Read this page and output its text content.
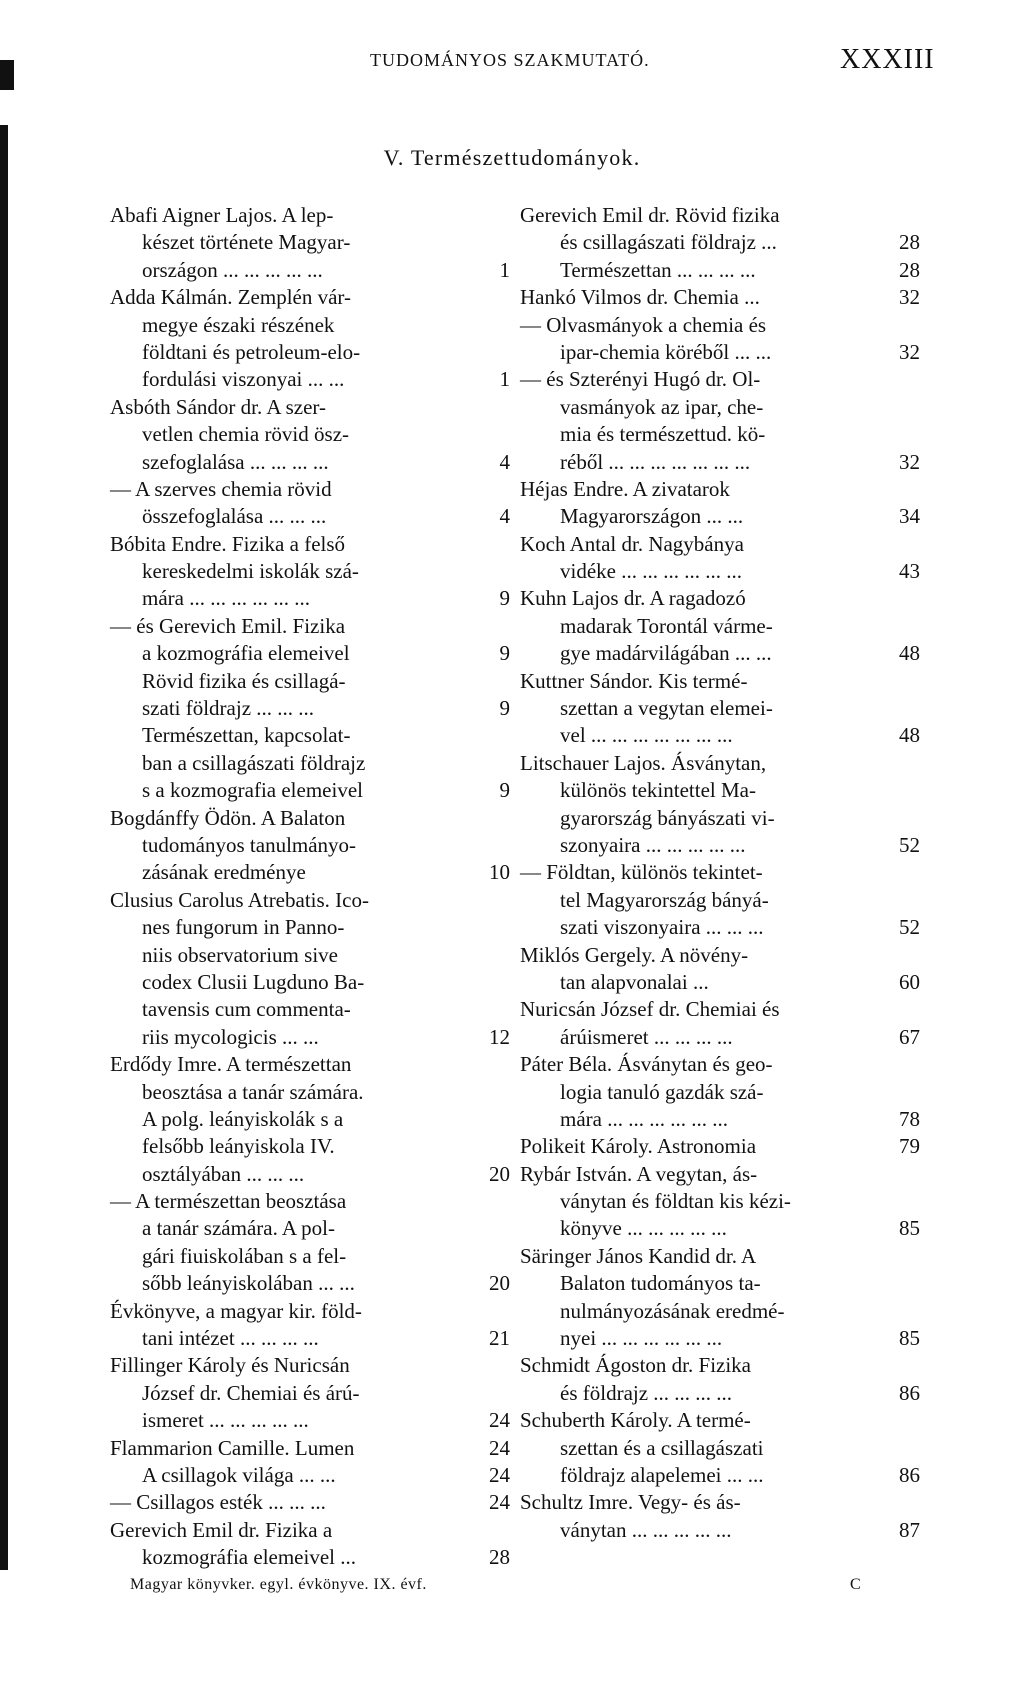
TUDOMÁNYOS SZAKMUTATÓ.	XXXIII
V. Természettudományok.
Abafi Aigner Lajos. A lep-
készet története Magyar-
országon ... ... ... ... ...	1
Adda Kálmán. Zemplén vár-
megye északi részének
földtani és petroleum-elo-
fordulási viszonyai ... ...	1
Asbóth Sándor dr. A szer-
vetlen chemia rövid ösz-
szefoglalása ... ... ... ...	4
— A szerves chemia rövid
összefoglalása ... ... ...	4
Bóbita Endre. Fizika a felső
kereskedelmi iskolák szá-
mára ... ... ... ... ... ...	9
— és Gerevich Emil. Fizika
a kozmográfia elemeivel	9
Rövid fizika és csillagá-
szati földrajz ... ... ...	9
Természettan, kapcsolat-
ban a csillagászati földrajz
s a kozmografia elemeivel	9
Bogdánffy Ödön. A Balaton
tudományos tanulmányo-
zásának eredménye	10
Clusius Carolus Atrebatis. Ico-
nes fungorum in Panno-
niis observatorium sive
codex Clusii Lugduno Ba-
tavensis cum commenta-
riis mycologicis ... ...	12
Erdődy Imre. A természettan
beosztása a tanár számára.
A polg. leányiskolák s a
felsőbb leányiskola IV.
osztályában ... ... ...	20
— A természettan beosztása
a tanár számára. A pol-
gári fiuiskolában s a fel-
sőbb leányiskolában ... ...	20
Évkönyve, a magyar kir. föld-
tani intézet ... ... ... ...	21
Fillinger Károly és Nuricsán
József dr. Chemiai és árú-
ismeret ... ... ... ... ...	24
Flammarion Camille. Lumen	24
A csillagok világa ... ...	24
— Csillagos esték ... ... ...	24
Gerevich Emil dr. Fizika a
kozmográfia elemeivel ...	28
Gerevich Emil dr. Rövid fizika
és csillagászati földrajz ...	28
Természettan ... ... ... ...	28
Hankó Vilmos dr. Chemia ...	32
— Olvasmányok a chemia és
ipar-chemia köréből ... ...	32
— és Szterényi Hugó dr. Ol-
vasmányok az ipar, che-
mia és természettud. kö-
réből ... ... ... ... ... ... ...	32
Héjas Endre. A zivatarok
Magyarországon ... ...	34
Koch Antal dr. Nagybánya
vidéke ... ... ... ... ... ...	43
Kuhn Lajos dr. A ragadozó
madarak Torontál várme-
gye madárvilágában ... ...	48
Kuttner Sándor. Kis termé-
szettan a vegytan elemei-
vel ... ... ... ... ... ... ...	48
Litschauer Lajos. Ásványtan,
különös tekintettel Ma-
gyarország bányászati vi-
szonyaira ... ... ... ... ...	52
— Földtan, különös tekintet-
tel Magyarország bányá-
szati viszonyaira ... ... ...	52
Miklós Gergely. A növény-
tan alapvonalai ...	60
Nuricsán József dr. Chemiai és
árúismeret ... ... ... ...	67
Páter Béla. Ásványtan és geo-
logia tanuló gazdák szá-
mára ... ... ... ... ... ...	78
Polikeit Károly. Astronomia	79
Rybár István. A vegytan, ás-
ványtan és földtan kis kézi-
könyve ... ... ... ... ...	85
Säringer János Kandid dr. A
Balaton tudományos ta-
nulmányozásának eredmé-
nyei ... ... ... ... ... ...	85
Schmidt Ágoston dr. Fizika
és földrajz ... ... ... ...	86
Schuberth Károly. A termé-
szettan és a csillagászati
földrajz alapelemei ... ...	86
Schultz Imre. Vegy- és ás-
ványtan ... ... ... ... ...	87
Magyar könyvker. egyl. évkönyve. IX. évf.	C
